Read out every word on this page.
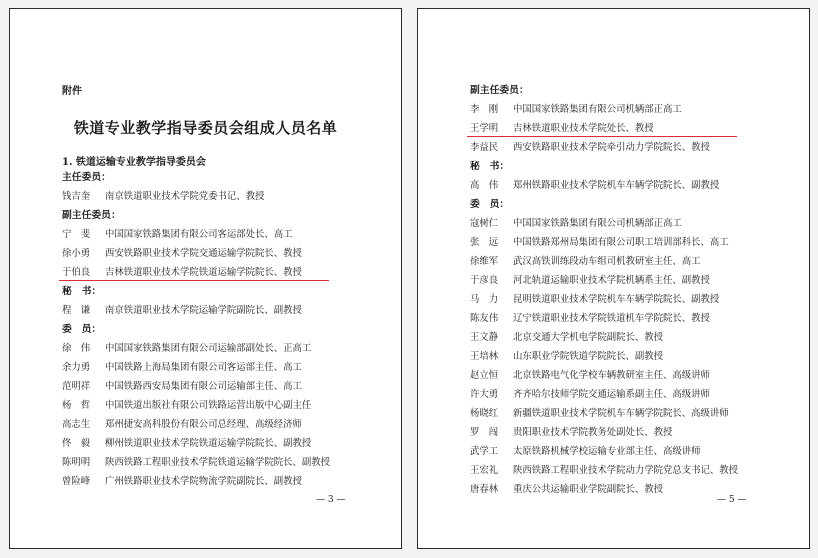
附件
铁道专业教学指导委员会组成人员名单
1. 铁道运输专业教学指导委员会
主任委员：
钱吉奎 南京铁道职业技术学院党委书记、教授
副主任委员：
宁　斐 中国国家铁路集团有限公司客运部处长、高工
徐小勇 西安铁路职业技术学院交通运输学院院长、教授
于伯良 吉林铁道职业技术学院铁道运输学院院长、教授
秘　书：
程　谦 南京铁道职业技术学院运输学院副院长、副教授
委　员：
徐　伟 中国国家铁路集团有限公司运输部副处长、正高工
余力勇 中国铁路上海局集团有限公司客运部主任、高工
范明祥 中国铁路西安局集团有限公司运输部主任、高工
杨　哲 中国铁道出版社有限公司铁路运营出版中心副主任
高志生 郑州捷安高科股份有限公司总经理、高级经济师
佟　毅 柳州铁道职业技术学院铁道运输学院院长、副教授
陈明明 陕西铁路工程职业技术学院铁道运输学院院长、副教授
曾险峰 广州铁路职业技术学院物流学院副院长、副教授
— 3 —
副主任委员：
李　刚 中国国家铁路集团有限公司机辆部正高工
王学明 吉林铁道职业技术学院处长、教授
李益民 西安铁路职业技术学院牵引动力学院院长、教授
秘　书：
高　伟 郑州铁路职业技术学院机车车辆学院院长、副教授
委　员：
寇树仁 中国国家铁路集团有限公司机辆部正高工
张　远 中国铁路郑州局集团有限公司职工培训部科长、高工
徐维军 武汉高铁训练段动车组司机教研室主任、高工
于彦良 河北轨道运输职业技术学院机辆系主任、副教授
马　力 昆明铁道职业技术学院机车车辆学院院长、副教授
陈友伟 辽宁铁道职业技术学院铁道机车学院院长、教授
王文静 北京交通大学机电学院副院长、教授
王培林 山东职业学院铁道学院院长、副教授
赵立恒 北京铁路电气化学校车辆教研室主任、高级讲师
许大勇 齐齐哈尔技师学院交通运输系副主任、高级讲师
杨晓红 新疆铁道职业技术学院机车车辆学院院长、高级讲师
罗　闯 贵阳职业技术学院教务处副处长、教授
武学工 太原铁路机械学校运输专业部主任、高级讲师
王宏礼 陕西铁路工程职业技术学院动力学院党总支书记、教授
唐春林 重庆公共运输职业学院副院长、教授
— 5 —
